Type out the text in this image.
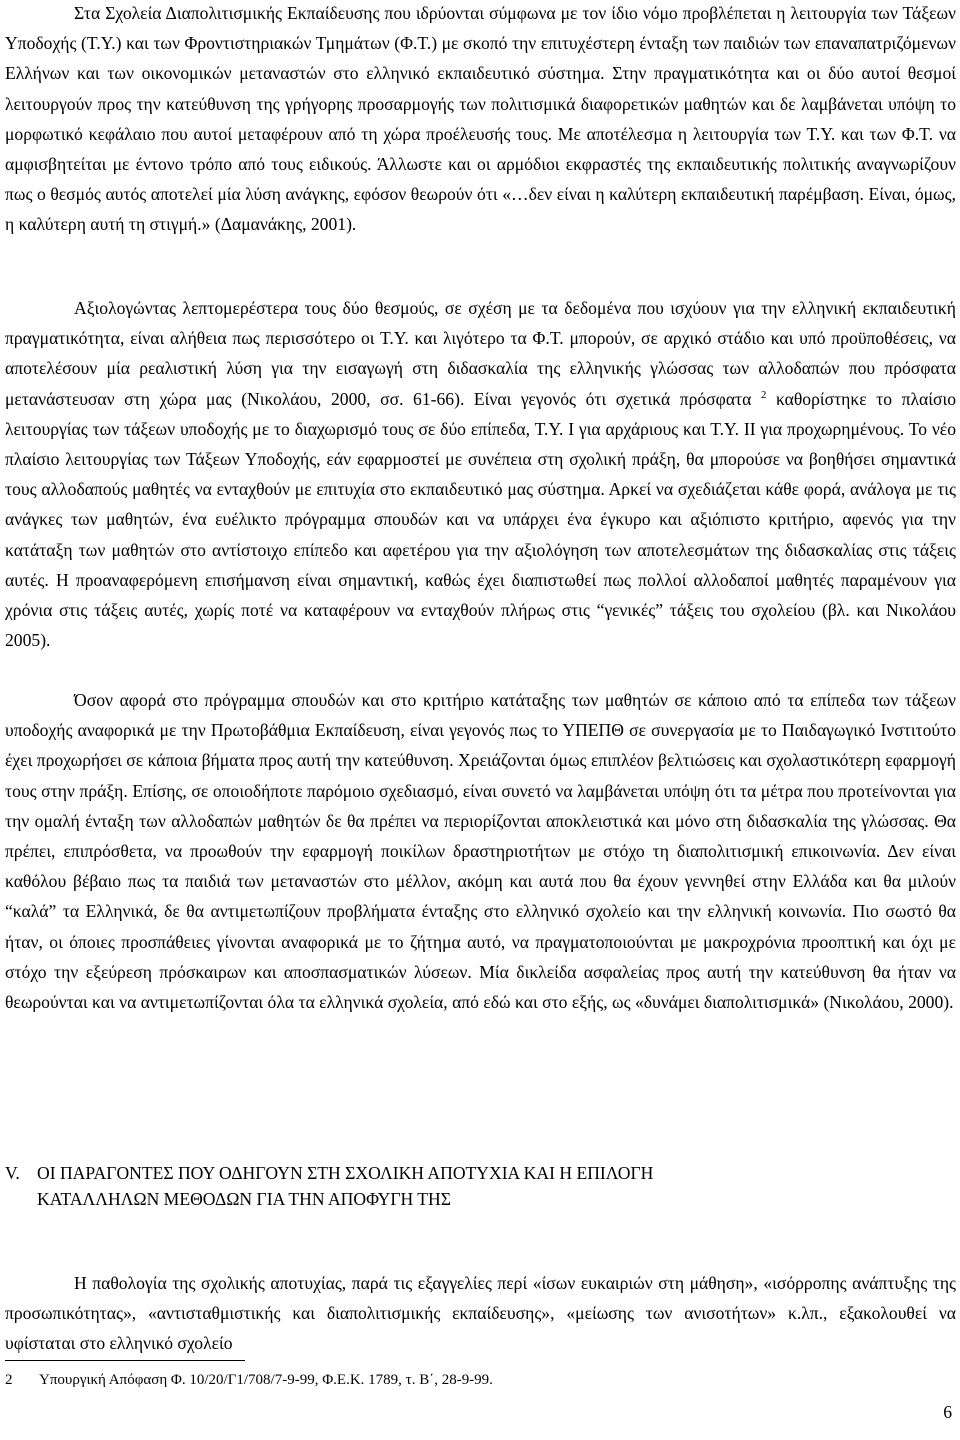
Στα Σχολεία Διαπολιτισμικής Εκπαίδευσης που ιδρύονται σύμφωνα με τον ίδιο νόμο προβλέπεται η λειτουργία των Τάξεων Υποδοχής (Τ.Υ.) και των Φροντιστηριακών Τμημάτων (Φ.Τ.) με σκοπό την επιτυχέστερη ένταξη των παιδιών των επαναπατριζόμενων Ελλήνων και των οικονομικών μεταναστών στο ελληνικό εκπαιδευτικό σύστημα. Στην πραγματικότητα και οι δύο αυτοί θεσμοί λειτουργούν προς την κατεύθυνση της γρήγορης προσαρμογής των πολιτισμικά διαφορετικών μαθητών και δε λαμβάνεται υπόψη το μορφωτικό κεφάλαιο που αυτοί μεταφέρουν από τη χώρα προέλευσής τους. Με αποτέλεσμα η λειτουργία των Τ.Υ. και των Φ.Τ. να αμφισβητείται με έντονο τρόπο από τους ειδικούς. Άλλωστε και οι αρμόδιοι εκφραστές της εκπαιδευτικής πολιτικής αναγνωρίζουν πως ο θεσμός αυτός αποτελεί μία λύση ανάγκης, εφόσον θεωρούν ότι «…δεν είναι η καλύτερη εκπαιδευτική παρέμβαση. Είναι, όμως, η καλύτερη αυτή τη στιγμή.» (Δαμανάκης, 2001).

Αξιολογώντας λεπτομερέστερα τους δύο θεσμούς, σε σχέση με τα δεδομένα που ισχύουν για την ελληνική εκπαιδευτική πραγματικότητα, είναι αλήθεια πως περισσότερο οι Τ.Υ. και λιγότερο τα Φ.Τ. μπορούν, σε αρχικό στάδιο και υπό προϋποθέσεις, να αποτελέσουν μία ρεαλιστική λύση για την εισαγωγή στη διδασκαλία της ελληνικής γλώσσας των αλλοδαπών που πρόσφατα μετανάστευσαν στη χώρα μας (Νικολάου, 2000, σσ. 61-66). Είναι γεγονός ότι σχετικά πρόσφατα $^2$ καθορίστηκε το πλαίσιο λειτουργίας των τάξεων υποδοχής με το διαχωρισμό τους σε δύο επίπεδα, Τ.Υ. Ι για αρχάριους και Τ.Υ. ΙΙ για προχωρημένους. Το νέο πλαίσιο λειτουργίας των Τάξεων Υποδοχής, εάν εφαρμοστεί με συνέπεια στη σχολική πράξη, θα μπορούσε να βοηθήσει σημαντικά τους αλλοδαπούς μαθητές να ενταχθούν με επιτυχία στο εκπαιδευτικό μας σύστημα. Αρκεί να σχεδιάζεται κάθε φορά, ανάλογα με τις ανάγκες των μαθητών, ένα ευέλικτο πρόγραμμα σπουδών και να υπάρχει ένα έγκυρο και αξιόπιστο κριτήριο, αφενός για την κατάταξη των μαθητών στο αντίστοιχο επίπεδο και αφετέρου για την αξιολόγηση των αποτελεσμάτων της διδασκαλίας στις τάξεις αυτές. Η προαναφερόμενη επισήμανση είναι σημαντική, καθώς έχει διαπιστωθεί πως πολλοί αλλοδαποί μαθητές παραμένουν για χρόνια στις τάξεις αυτές, χωρίς ποτέ να καταφέρουν να ενταχθούν πλήρως στις “γενικές” τάξεις του σχολείου (βλ. και Νικολάου 2005).

Όσον αφορά στο πρόγραμμα σπουδών και στο κριτήριο κατάταξης των μαθητών σε κάποιο από τα επίπεδα των τάξεων υποδοχής αναφορικά με την Πρωτοβάθμια Εκπαίδευση, είναι γεγονός πως το ΥΠΕΠΘ σε συνεργασία με το Παιδαγωγικό Ινστιτούτο έχει προχωρήσει σε κάποια βήματα προς αυτή την κατεύθυνση. Χρειάζονται όμως επιπλέον βελτιώσεις και σχολαστικότερη εφαρμογή τους στην πράξη. Επίσης, σε οποιοδήποτε παρόμοιο σχεδιασμό, είναι συνετό να λαμβάνεται υπόψη ότι τα μέτρα που προτείνονται για την ομαλή ένταξη των αλλοδαπών μαθητών δε θα πρέπει να περιορίζονται αποκλειστικά και μόνο στη διδασκαλία της γλώσσας. Θα πρέπει, επιπρόσθετα, να προωθούν την εφαρμογή ποικίλων δραστηριοτήτων με στόχο τη διαπολιτισμική επικοινωνία. Δεν είναι καθόλου βέβαιο πως τα παιδιά των μεταναστών στο μέλλον, ακόμη και αυτά που θα έχουν γεννηθεί στην Ελλάδα και θα μιλούν “καλά” τα Ελληνικά, δε θα αντιμετωπίζουν προβλήματα ένταξης στο ελληνικό σχολείο και την ελληνική κοινωνία. Πιο σωστό θα ήταν, οι όποιες προσπάθειες γίνονται αναφορικά με το ζήτημα αυτό, να πραγματοποιούνται με μακροχρόνια προοπτική και όχι με στόχο την εξεύρεση πρόσκαιρων και αποσπασματικών λύσεων. Μία δικλείδα ασφαλείας προς αυτή την κατεύθυνση θα ήταν να θεωρούνται και να αντιμετωπίζονται όλα τα ελληνικά σχολεία, από εδώ και στο εξής, ως «δυνάμει διαπολιτισμικά» (Νικολάου, 2000).

V. ΟΙ ΠΑΡΑΓΟΝΤΕΣ ΠΟΥ ΟΔΗΓΟΥΝ ΣΤΗ ΣΧΟΛΙΚΗ ΑΠΟΤΥΧΙΑ ΚΑΙ Η ΕΠΙΛΟΓΗ
ΚΑΤΑΛΛΗΛΩΝ ΜΕΘΟΔΩΝ ΓΙΑ ΤΗΝ ΑΠΟΦΥΓΗ ΤΗΣ

Η παθολογία της σχολικής αποτυχίας, παρά τις εξαγγελίες περί «ίσων ευκαιριών στη μάθηση», «ισόρροπης ανάπτυξης της προσωπικότητας», «αντισταθμιστικής και διαπολιτισμικής εκπαίδευσης», «μείωσης των ανισοτήτων» κ.λπ., εξακολουθεί να υφίσταται στο ελληνικό σχολείο

2 Υπουργική Απόφαση Φ. 10/20/Γ1/708/7-9-99, Φ.Ε.Κ. 1789, τ. Β΄, 28-9-99.
6
